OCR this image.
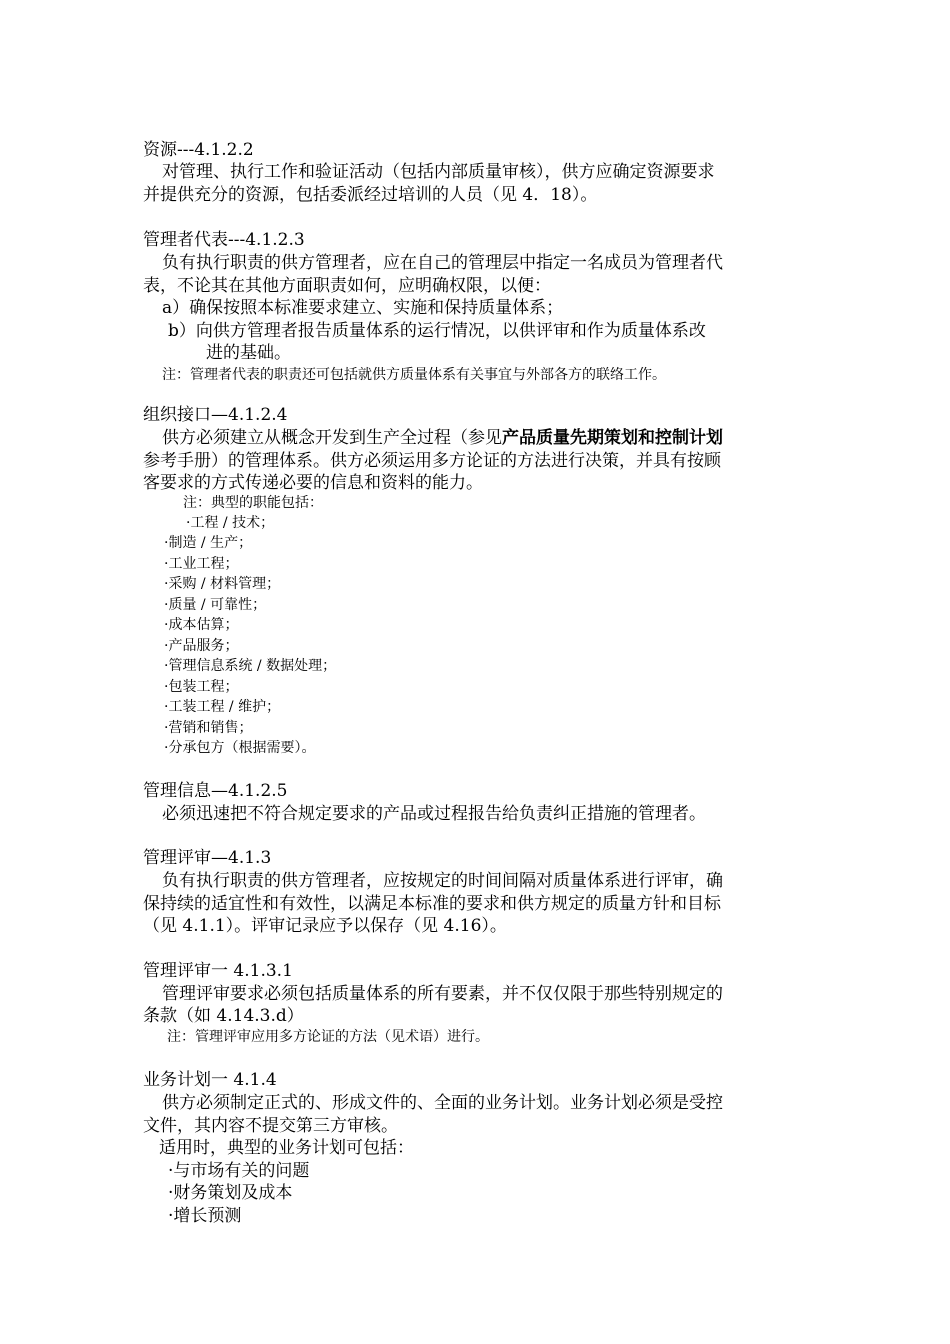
资源---4.1.2.2
对管理、执行工作和验证活动（包括内部质量审核），供方应确定资源要求
并提供充分的资源，包括委派经过培训的人员（见 4．18）。
管理者代表---4.1.2.3
负有执行职责的供方管理者，应在自己的管理层中指定一名成员为管理者代
表，不论其在其他方面职责如何，应明确权限，以便：
a）确保按照本标准要求建立、实施和保持质量体系；
b）向供方管理者报告质量体系的运行情况，以供评审和作为质量体系改
进的基础。
注：管理者代表的职责还可包括就供方质量体系有关事宜与外部各方的联络工作。
组织接口—4.1.2.4
供方必须建立从概念开发到生产全过程（参见产品质量先期策划和控制计划
参考手册）的管理体系。供方必须运用多方论证的方法进行决策，并具有按顾
客要求的方式传递必要的信息和资料的能力。
注：典型的职能包括：
·工程 / 技术；
·制造 / 生产；
·工业工程；
·采购 / 材料管理；
·质量 / 可靠性；
·成本估算；
·产品服务；
·管理信息系统 / 数据处理；
·包装工程；
·工装工程 / 维护；
·营销和销售；
·分承包方（根据需要）。
管理信息—4.1.2.5
必须迅速把不符合规定要求的产品或过程报告给负责纠正措施的管理者。
管理评审—4.1.3
负有执行职责的供方管理者，应按规定的时间间隔对质量体系进行评审，确
保持续的适宜性和有效性，以满足本标准的要求和供方规定的质量方针和目标
（见 4.1.1）。评审记录应予以保存（见 4.16）。
管理评审一 4.1.3.1
管理评审要求必须包括质量体系的所有要素，并不仅仅限于那些特别规定的
条款（如 4.14.3.d）
注：管理评审应用多方论证的方法（见术语）进行。
业务计划一 4.1.4
供方必须制定正式的、形成文件的、全面的业务计划。业务计划必须是受控
文件，其内容不提交第三方审核。
适用时，典型的业务计划可包括：
·与市场有关的问题
·财务策划及成本
·增长预测
